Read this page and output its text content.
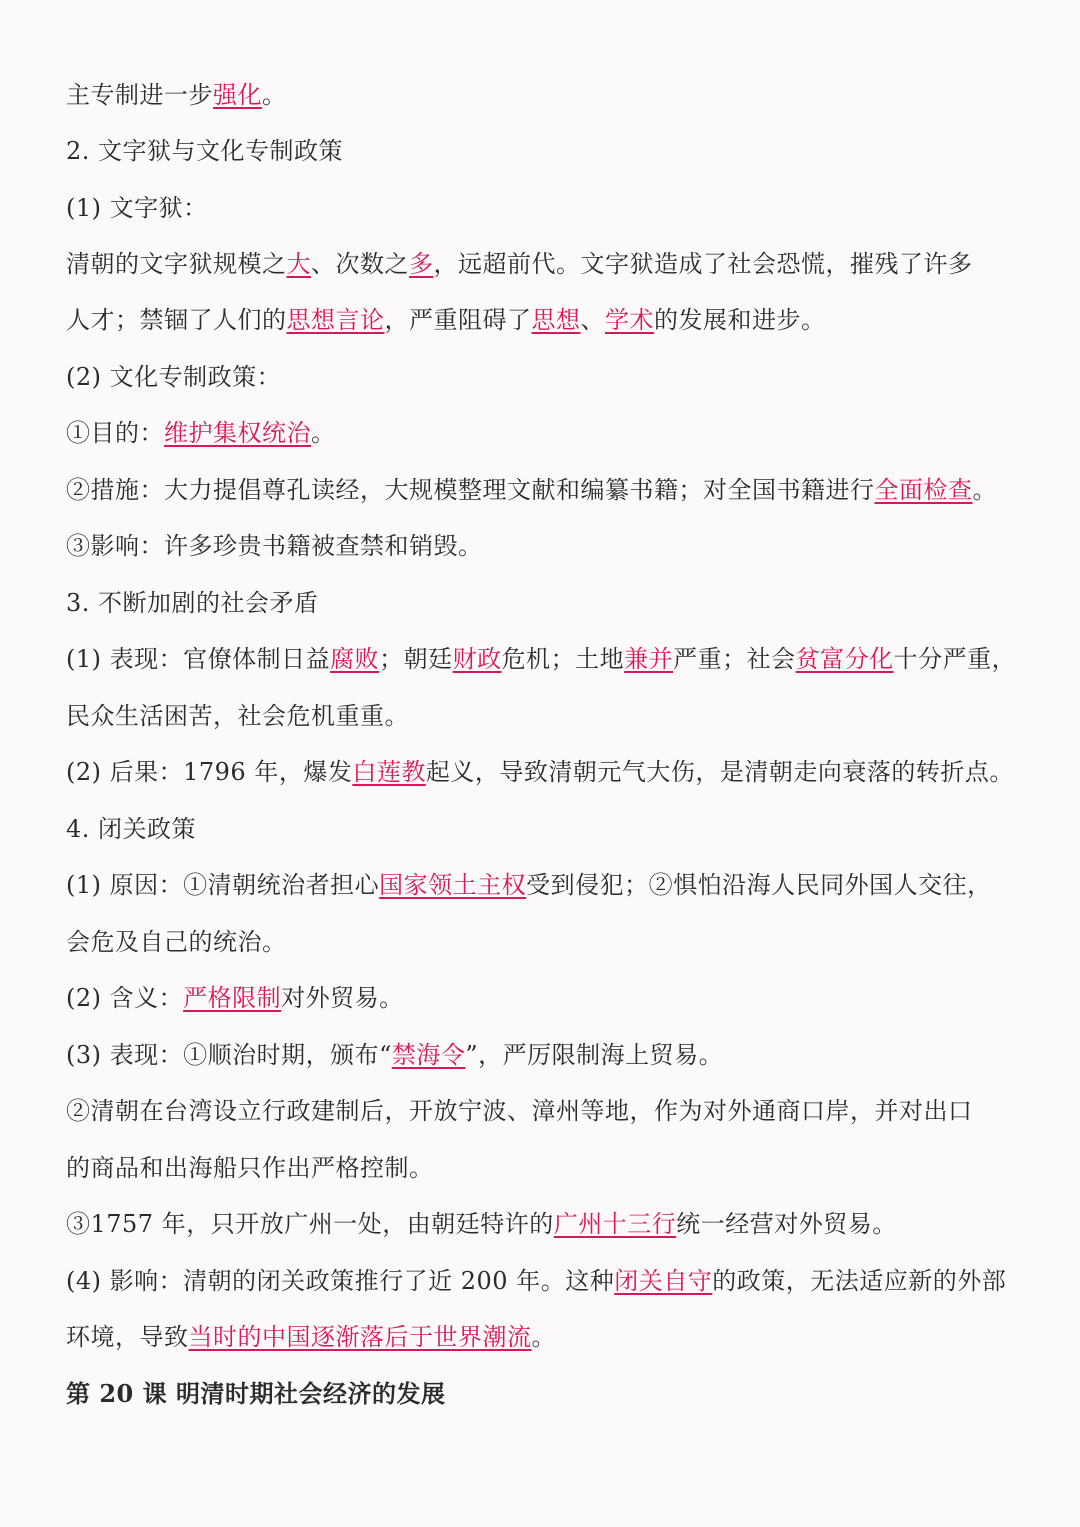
主专制进一步强化。
2. 文字狱与文化专制政策
(1) 文字狱：
清朝的文字狱规模之大、次数之多，远超前代。文字狱造成了社会恐慌，摧残了许多
人才；禁锢了人们的思想言论，严重阻碍了思想、学术的发展和进步。
(2) 文化专制政策：
①目的：维护集权统治。
②措施：大力提倡尊孔读经，大规模整理文献和编纂书籍；对全国书籍进行全面检查。
③影响：许多珍贵书籍被查禁和销毁。
3. 不断加剧的社会矛盾
(1) 表现：官僚体制日益腐败；朝廷财政危机；土地兼并严重；社会贫富分化十分严重，
民众生活困苦，社会危机重重。
(2) 后果：1796 年，爆发白莲教起义，导致清朝元气大伤，是清朝走向衰落的转折点。
4. 闭关政策
(1) 原因：①清朝统治者担心国家领土主权受到侵犯；②惧怕沿海人民同外国人交往，
会危及自己的统治。
(2) 含义：严格限制对外贸易。
(3) 表现：①顺治时期，颁布“禁海令”，严厉限制海上贸易。
②清朝在台湾设立行政建制后，开放宁波、漳州等地，作为对外通商口岸，并对出口
的商品和出海船只作出严格控制。
③1757 年，只开放广州一处，由朝廷特许的广州十三行统一经营对外贸易。
(4) 影响：清朝的闭关政策推行了近 200 年。这种闭关自守的政策，无法适应新的外部
环境，导致当时的中国逐渐落后于世界潮流。
第 20 课 明清时期社会经济的发展
